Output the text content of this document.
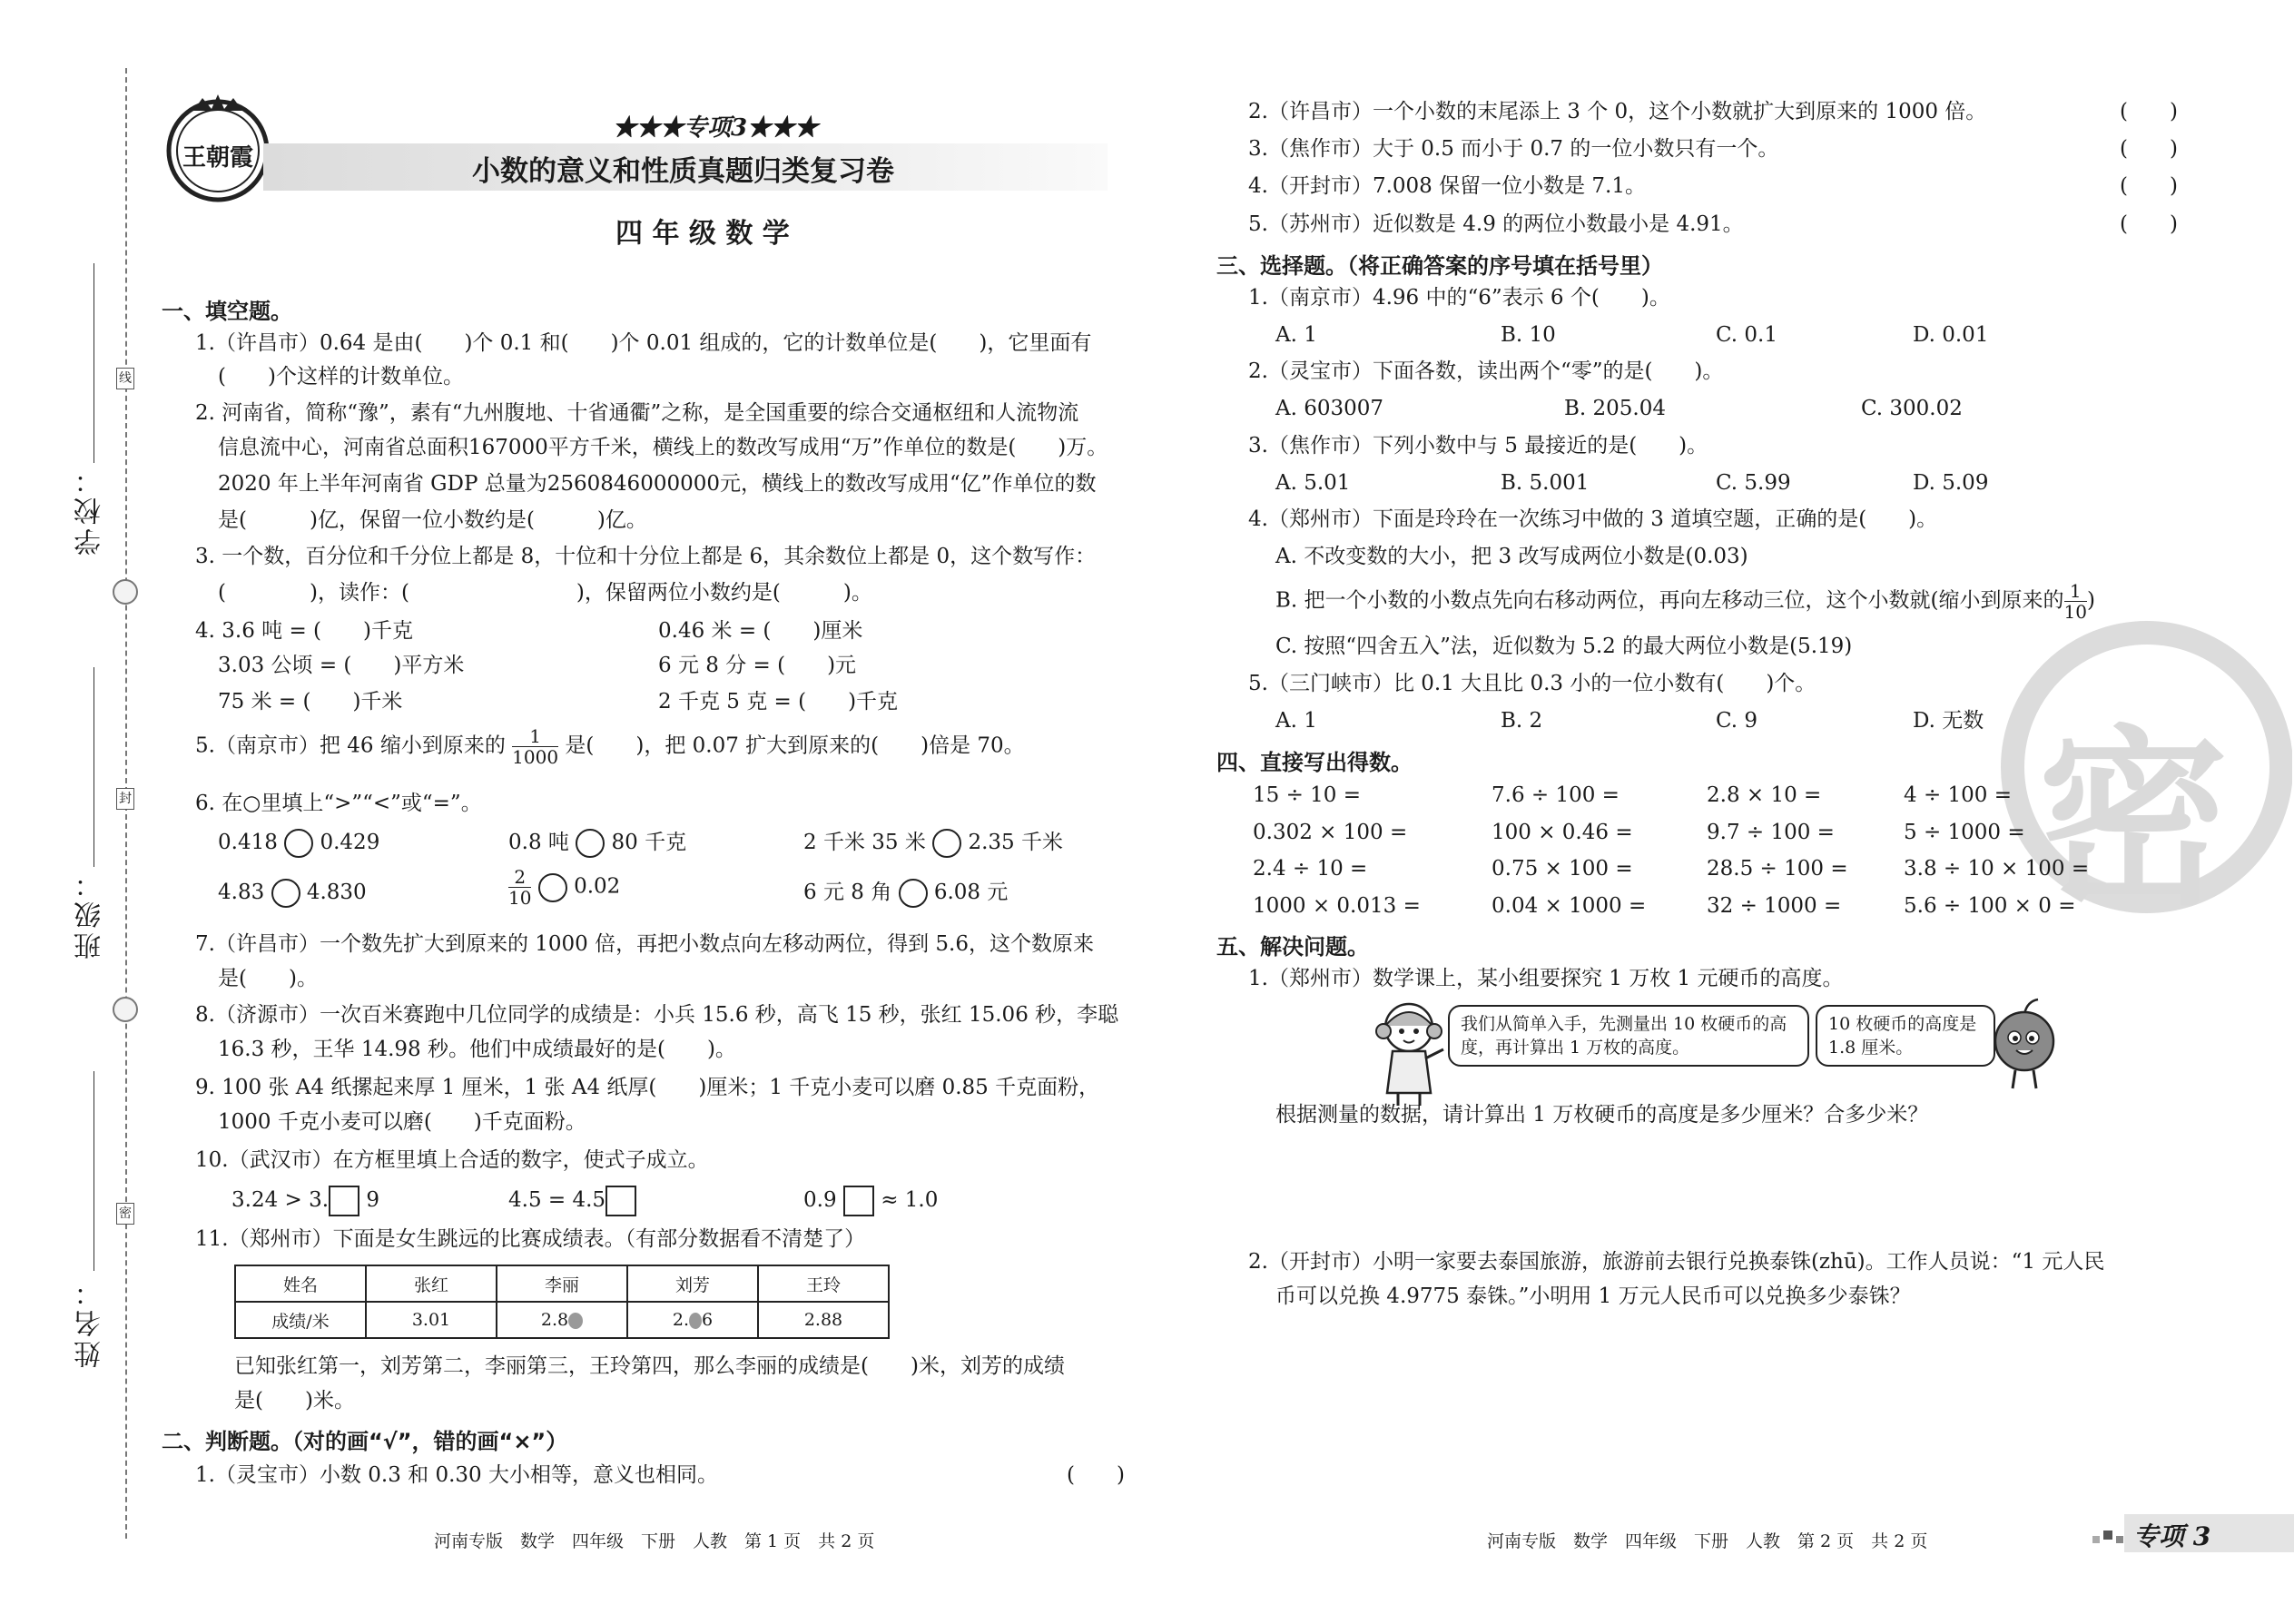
线
封
密
学校：
班级：
姓名：
王朝霞
★★★专项3★★★
小数的意义和性质真题归类复习卷
四 年 级 数 学
一、填空题。
1.（许昌市）0.64 是由(　　)个 0.1 和(　　)个 0.01 组成的，它的计数单位是(　　)，它里面有
(　　)个这样的计数单位。
2. 河南省，简称“豫”，素有“九州腹地、十省通衢”之称，是全国重要的综合交通枢纽和人流物流
信息流中心，河南省总面积167000平方千米，横线上的数改写成用“万”作单位的数是(　　)万。
2020 年上半年河南省 GDP 总量为2560846000000元，横线上的数改写成用“亿”作单位的数
是(　　　)亿，保留一位小数约是(　　　)亿。
3. 一个数，百分位和千分位上都是 8，十位和十分位上都是 6，其余数位上都是 0，这个数写作：
(　　　　)，读作：(　　　　　　　　)，保留两位小数约是(　　　)。
4. 3.6 吨 = (　　)千克	0.46 米 = (　　)厘米
3.03 公顷 = (　　)平方米	6 元 8 分 = (　　)元
75 米 = (　　)千米	2 千克 5 克 = (　　)千克
5.（南京市）把 46 缩小到原来的 $\frac{1}{1000}$ 是(　　)，把 0.07 扩大到原来的(　　)倍是 70。
6. 在○里填上“>”“<”或“=”。
0.418 0.429	0.8 吨 80 千克	2 千米 35 米 2.35 千米
4.83 4.830	$\frac{2}{10} 0.02$	6 元 8 角 6.08 元
7.（许昌市）一个数先扩大到原来的 1000 倍，再把小数点向左移动两位，得到 5.6，这个数原来
是(　　)。
8.（济源市）一次百米赛跑中几位同学的成绩是：小兵 15.6 秒，高飞 15 秒，张红 15.06 秒，李聪
16.3 秒，王华 14.98 秒。他们中成绩最好的是(　　)。
9. 100 张 A4 纸摞起来厚 1 厘米，1 张 A4 纸厚(　　)厘米；1 千克小麦可以磨 0.85 千克面粉，
1000 千克小麦可以磨(　　)千克面粉。
10.（武汉市）在方框里填上合适的数字，使式子成立。
3.24 > 3. 9	4.5 = 4.5	0.9 ≈ 1.0
11.（郑州市）下面是女生跳远的比赛成绩表。（有部分数据看不清楚了）
姓名	张红	李丽	刘芳	王玲
成绩/米	3.01	2.8	2. 6	2.88
已知张红第一，刘芳第二，李丽第三，王玲第四，那么李丽的成绩是(　　)米，刘芳的成绩
是(　　)米。
二、判断题。（对的画“√”，错的画“×”）
1.（灵宝市）小数 0.3 和 0.30 大小相等，意义也相同。	(　　)
河南专版　数学　四年级　下册　人教　第 1 页　共 2 页
密
2.（许昌市）一个小数的末尾添上 3 个 0，这个小数就扩大到原来的 1000 倍。	(　　)
3.（焦作市）大于 0.5 而小于 0.7 的一位小数只有一个。	(　　)
4.（开封市）7.008 保留一位小数是 7.1。	(　　)
5.（苏州市）近似数是 4.9 的两位小数最小是 4.91。	(　　)
三、选择题。（将正确答案的序号填在括号里）
1.（南京市）4.96 中的“6”表示 6 个(　　)。
A. 1	B. 10	C. 0.1	D. 0.01
2.（灵宝市）下面各数，读出两个“零”的是(　　)。
A. 603007	B. 205.04	C. 300.02
3.（焦作市）下列小数中与 5 最接近的是(　　)。
A. 5.01	B. 5.001	C. 5.99	D. 5.09
4.（郑州市）下面是玲玲在一次练习中做的 3 道填空题，正确的是(　　)。
A. 不改变数的大小，把 3 改写成两位小数是(0.03)
B. 把一个小数的小数点先向右移动两位，再向左移动三位，这个小数就(缩小到原来的 $\frac{1}{10}$ )
C. 按照“四舍五入”法，近似数为 5.2 的最大两位小数是(5.19)
5.（三门峡市）比 0.1 大且比 0.3 小的一位小数有(　　)个。
A. 1	B. 2	C. 9	D. 无数
四、直接写出得数。
15 ÷ 10 =	7.6 ÷ 100 =	2.8 × 10 =	4 ÷ 100 =
0.302 × 100 =	100 × 0.46 =	9.7 ÷ 100 =	5 ÷ 1000 =
2.4 ÷ 10 =	0.75 × 100 =	28.5 ÷ 100 =	3.8 ÷ 10 × 100 =
1000 × 0.013 =	0.04 × 1000 =	32 ÷ 1000 =	5.6 ÷ 100 × 0 =
五、解决问题。
1.（郑州市）数学课上，某小组要探究 1 万枚 1 元硬币的高度。
我们从简单入手，先测量出 10 枚硬币的高度，再计算出 1 万枚的高度。
10 枚硬币的高度是 1.8 厘米。
根据测量的数据，请计算出 1 万枚硬币的高度是多少厘米？合多少米？
2.（开封市）小明一家要去泰国旅游，旅游前去银行兑换泰铢(zhū)。工作人员说：“1 元人民
币可以兑换 4.9775 泰铢。”小明用 1 万元人民币可以兑换多少泰铢？
河南专版　数学　四年级　下册　人教　第 2 页　共 2 页	专项 3
